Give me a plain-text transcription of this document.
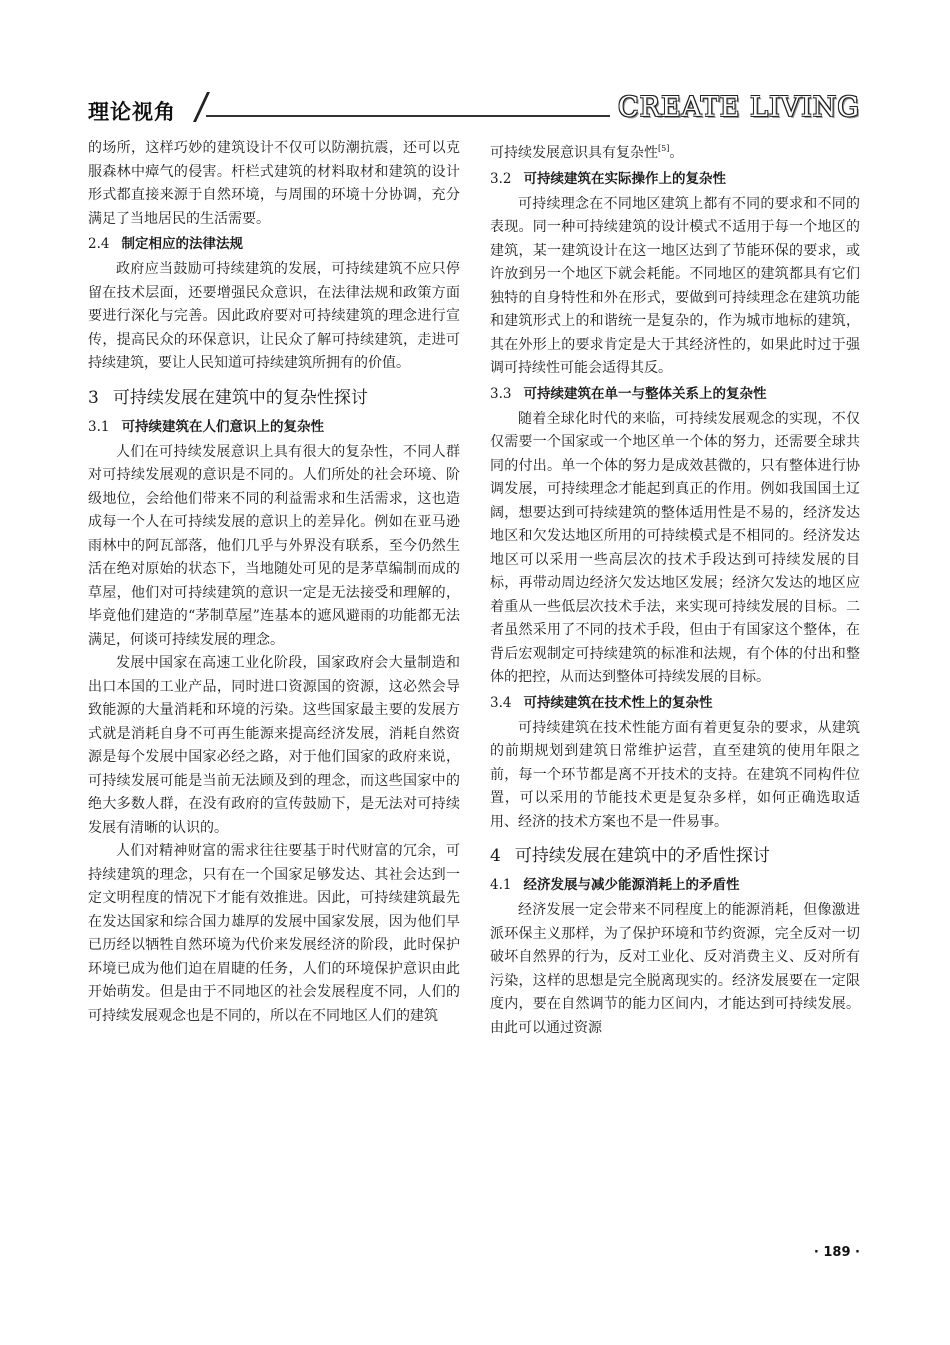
理论视角	CREATE LIVING

的场所，这样巧妙的建筑设计不仅可以防潮抗震，还可以克服森林中瘴气的侵害。杆栏式建筑的材料取材和建筑的设计形式都直接来源于自然环境，与周围的环境十分协调，充分满足了当地居民的生活需要。

2.4 制定相应的法律法规

政府应当鼓励可持续建筑的发展，可持续建筑不应只停留在技术层面，还要增强民众意识，在法律法规和政策方面要进行深化与完善。因此政府要对可持续建筑的理念进行宣传，提高民众的环保意识，让民众了解可持续建筑，走进可持续建筑，要让人民知道可持续建筑所拥有的价值。

3 可持续发展在建筑中的复杂性探讨
3.1 可持续建筑在人们意识上的复杂性

人们在可持续发展意识上具有很大的复杂性，不同人群对可持续发展观的意识是不同的。人们所处的社会环境、阶级地位，会给他们带来不同的利益需求和生活需求，这也造成每一个人在可持续发展的意识上的差异化。例如在亚马逊雨林中的阿瓦部落，他们几乎与外界没有联系，至今仍然生活在绝对原始的状态下，当地随处可见的是茅草编制而成的草屋，他们对可持续建筑的意识一定是无法接受和理解的，毕竟他们建造的“茅制草屋”连基本的遮风避雨的功能都无法满足，何谈可持续发展的理念。

发展中国家在高速工业化阶段，国家政府会大量制造和出口本国的工业产品，同时进口资源国的资源，这必然会导致能源的大量消耗和环境的污染。这些国家最主要的发展方式就是消耗自身不可再生能源来提高经济发展，消耗自然资源是每个发展中国家必经之路，对于他们国家的政府来说，可持续发展可能是当前无法顾及到的理念，而这些国家中的绝大多数人群，在没有政府的宣传鼓励下，是无法对可持续发展有清晰的认识的。

人们对精神财富的需求往往要基于时代财富的冗余，可持续建筑的理念，只有在一个国家足够发达、其社会达到一定文明程度的情况下才能有效推进。因此，可持续建筑最先在发达国家和综合国力雄厚的发展中国家发展，因为他们早已历经以牺牲自然环境为代价来发展经济的阶段，此时保护环境已成为他们迫在眉睫的任务，人们的环境保护意识由此开始萌发。但是由于不同地区的社会发展程度不同，人们的可持续发展观念也是不同的，所以在不同地区人们的建筑

可持续发展意识具有复杂性[5]。

3.2 可持续建筑在实际操作上的复杂性

可持续理念在不同地区建筑上都有不同的要求和不同的表现。同一种可持续建筑的设计模式不适用于每一个地区的建筑，某一建筑设计在这一地区达到了节能环保的要求，或许放到另一个地区下就会耗能。不同地区的建筑都具有它们独特的自身特性和外在形式，要做到可持续理念在建筑功能和建筑形式上的和谐统一是复杂的，作为城市地标的建筑，其在外形上的要求肯定是大于其经济性的，如果此时过于强调可持续性可能会适得其反。

3.3 可持续建筑在单一与整体关系上的复杂性

随着全球化时代的来临，可持续发展观念的实现，不仅仅需要一个国家或一个地区单一个体的努力，还需要全球共同的付出。单一个体的努力是成效甚微的，只有整体进行协调发展，可持续理念才能起到真正的作用。例如我国国土辽阔，想要达到可持续建筑的整体适用性是不易的，经济发达地区和欠发达地区所用的可持续模式是不相同的。经济发达地区可以采用一些高层次的技术手段达到可持续发展的目标，再带动周边经济欠发达地区发展；经济欠发达的地区应着重从一些低层次技术手法，来实现可持续发展的目标。二者虽然采用了不同的技术手段，但由于有国家这个整体，在背后宏观制定可持续建筑的标准和法规，有个体的付出和整体的把控，从而达到整体可持续发展的目标。

3.4 可持续建筑在技术性上的复杂性

可持续建筑在技术性能方面有着更复杂的要求，从建筑的前期规划到建筑日常维护运营，直至建筑的使用年限之前，每一个环节都是离不开技术的支持。在建筑不同构件位置，可以采用的节能技术更是复杂多样，如何正确选取适用、经济的技术方案也不是一件易事。

4 可持续发展在建筑中的矛盾性探讨
4.1 经济发展与减少能源消耗上的矛盾性

经济发展一定会带来不同程度上的能源消耗，但像激进派环保主义那样，为了保护环境和节约资源，完全反对一切破坏自然界的行为，反对工业化、反对消费主义、反对所有污染，这样的思想是完全脱离现实的。经济发展要在一定限度内，要在自然调节的能力区间内，才能达到可持续发展。由此可以通过资源

· 189 ·
